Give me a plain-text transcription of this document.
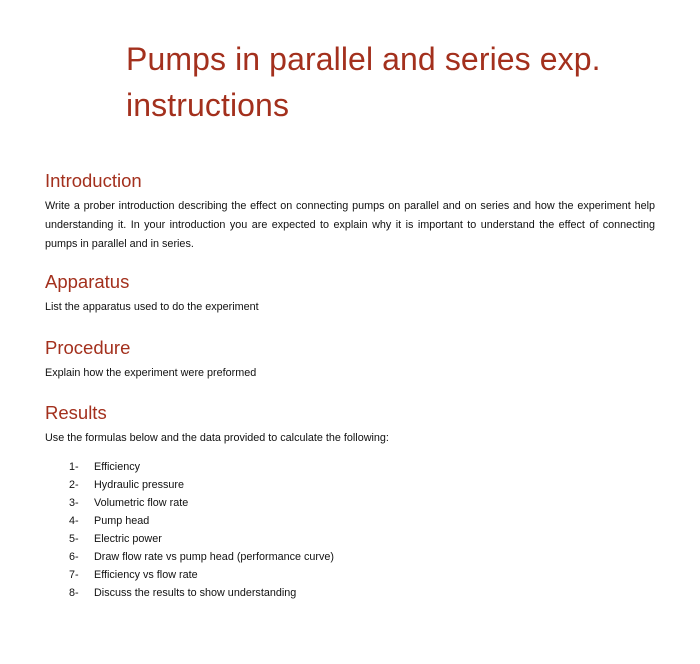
Pumps in parallel and series exp. instructions
Introduction

Write a prober introduction describing the effect on connecting pumps on parallel and on series and how the experiment help understanding it. In your introduction you are expected to explain why it is important to understand the effect of connecting pumps in parallel and in series.

Apparatus

List the apparatus used to do the experiment

Procedure

Explain how the experiment were preformed

Results

Use the formulas below and the data provided to calculate the following:

1-	Efficiency
2-	Hydraulic pressure
3-	Volumetric flow rate
4-	Pump head
5-	Electric power
6-	Draw flow rate vs pump head (performance curve)
7-	Efficiency vs flow rate
8-	Discuss the results to show understanding
